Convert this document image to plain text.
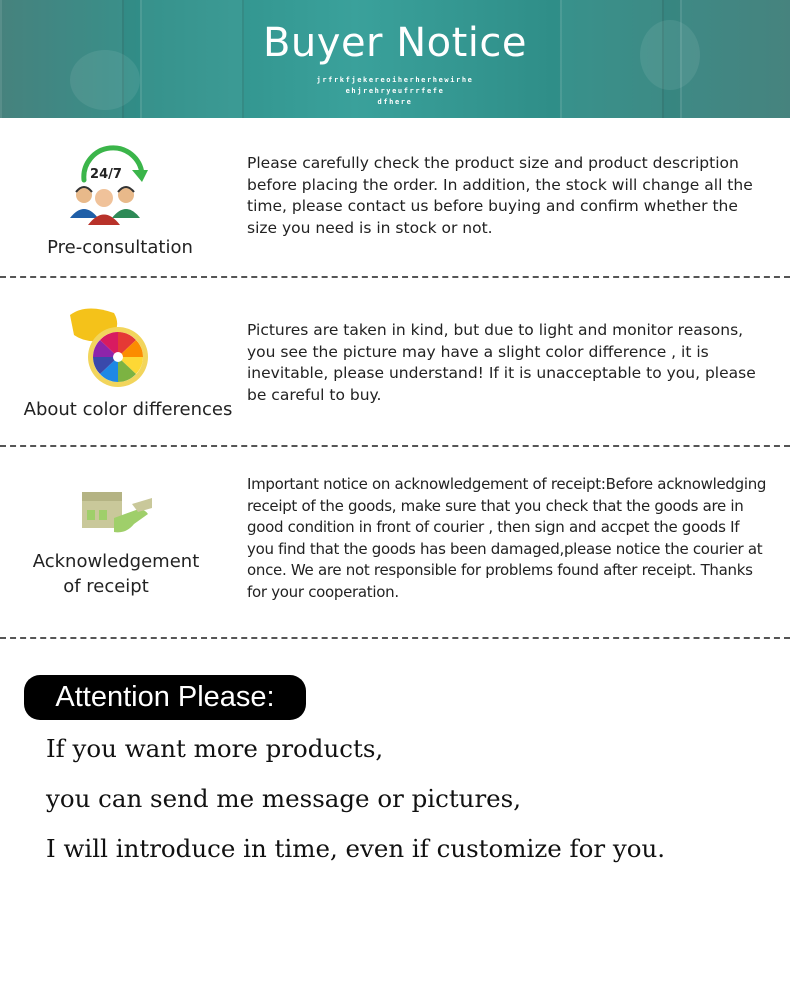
Buyer Notice
jrfrkfjekereoiherherhewirhe
ehjrehryeufrrfefe
dfhere
24/7
Pre-consultation
Please carefully check the product size and product description before placing the order. In addition, the stock will change all the time, please contact us before buying and confirm whether the size you need is in stock or not.
About color differences
Pictures are taken in kind, but due to light and monitor reasons, you see the picture may have a slight color difference , it is inevitable, please understand! If it is unacceptable to you, please be careful to buy.
Acknowledgement
of receipt
Important notice on acknowledgement of receipt:Before acknowledging receipt of the goods, make sure that you check that the goods are in good condition in front of courier , then sign and accpet the goods If you find that the goods has been damaged,please notice the courier at once. We are not responsible for problems found after receipt. Thanks for your cooperation.
Attention Please:
If you want more products,
you can send me message or pictures,
I will introduce in time, even if customize for you.
